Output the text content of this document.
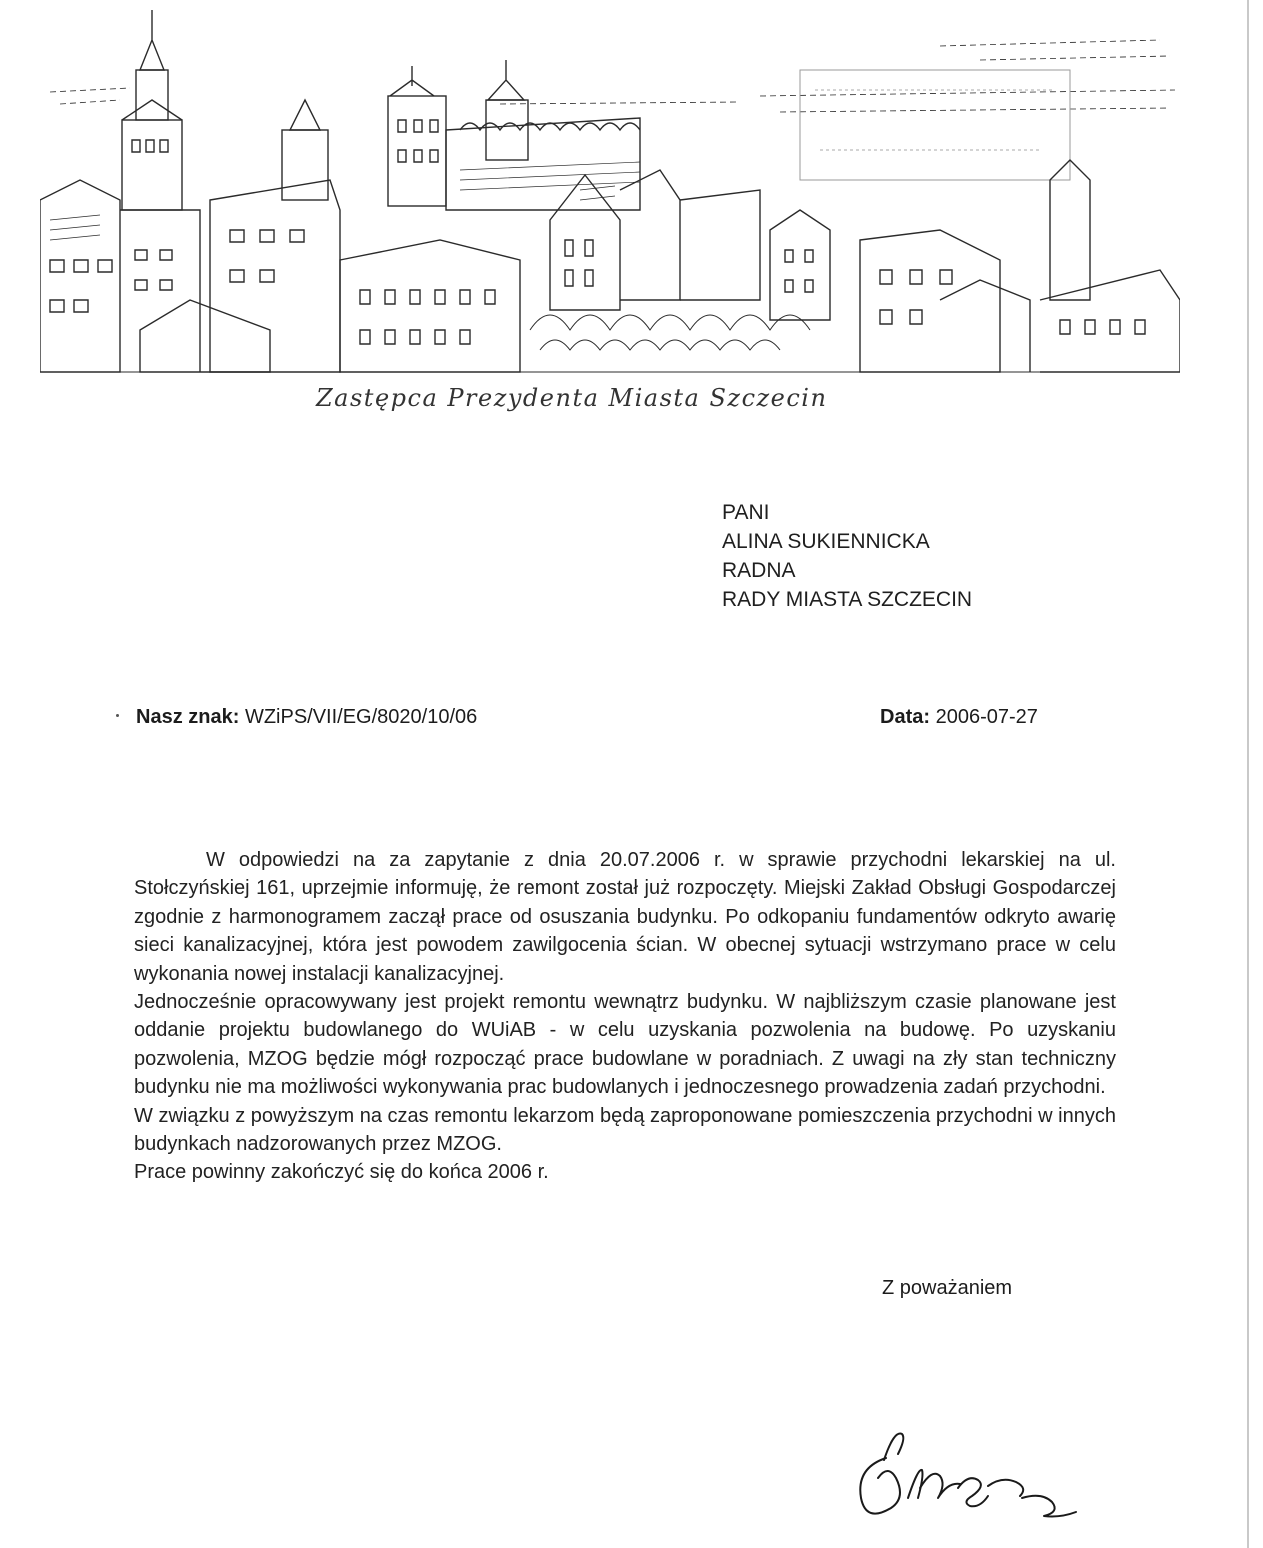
Zastępca Prezydenta Miasta Szczecin
PANI
ALINA SUKIENNICKA
RADNA
RADY MIASTA SZCZECIN
Nasz znak: WZiPS/VII/EG/8020/10/06	Data: 2006-07-27

W odpowiedzi na za zapytanie z dnia 20.07.2006 r. w sprawie przychodni lekarskiej na ul. Stołczyńskiej 161, uprzejmie informuję, że remont został już rozpoczęty. Miejski Zakład Obsługi Gospodarczej zgodnie z harmonogramem zaczął prace od osuszania budynku. Po odkopaniu fundamentów odkryto awarię sieci kanalizacyjnej, która jest powodem zawilgocenia ścian. W obecnej sytuacji wstrzymano prace w celu wykonania nowej instalacji kanalizacyjnej.

Jednocześnie opracowywany jest projekt remontu wewnątrz budynku. W najbliższym czasie planowane jest oddanie projektu budowlanego do WUiAB - w celu uzyskania pozwolenia na budowę. Po uzyskaniu pozwolenia, MZOG będzie mógł rozpocząć prace budowlane w poradniach. Z uwagi na zły stan techniczny budynku nie ma możliwości wykonywania prac budowlanych i jednoczesnego prowadzenia zadań przychodni.

W związku z powyższym na czas remontu lekarzom będą zaproponowane pomieszczenia przychodni w innych budynkach nadzorowanych przez MZOG.

Prace powinny zakończyć się do końca 2006 r.

Z poważaniem
